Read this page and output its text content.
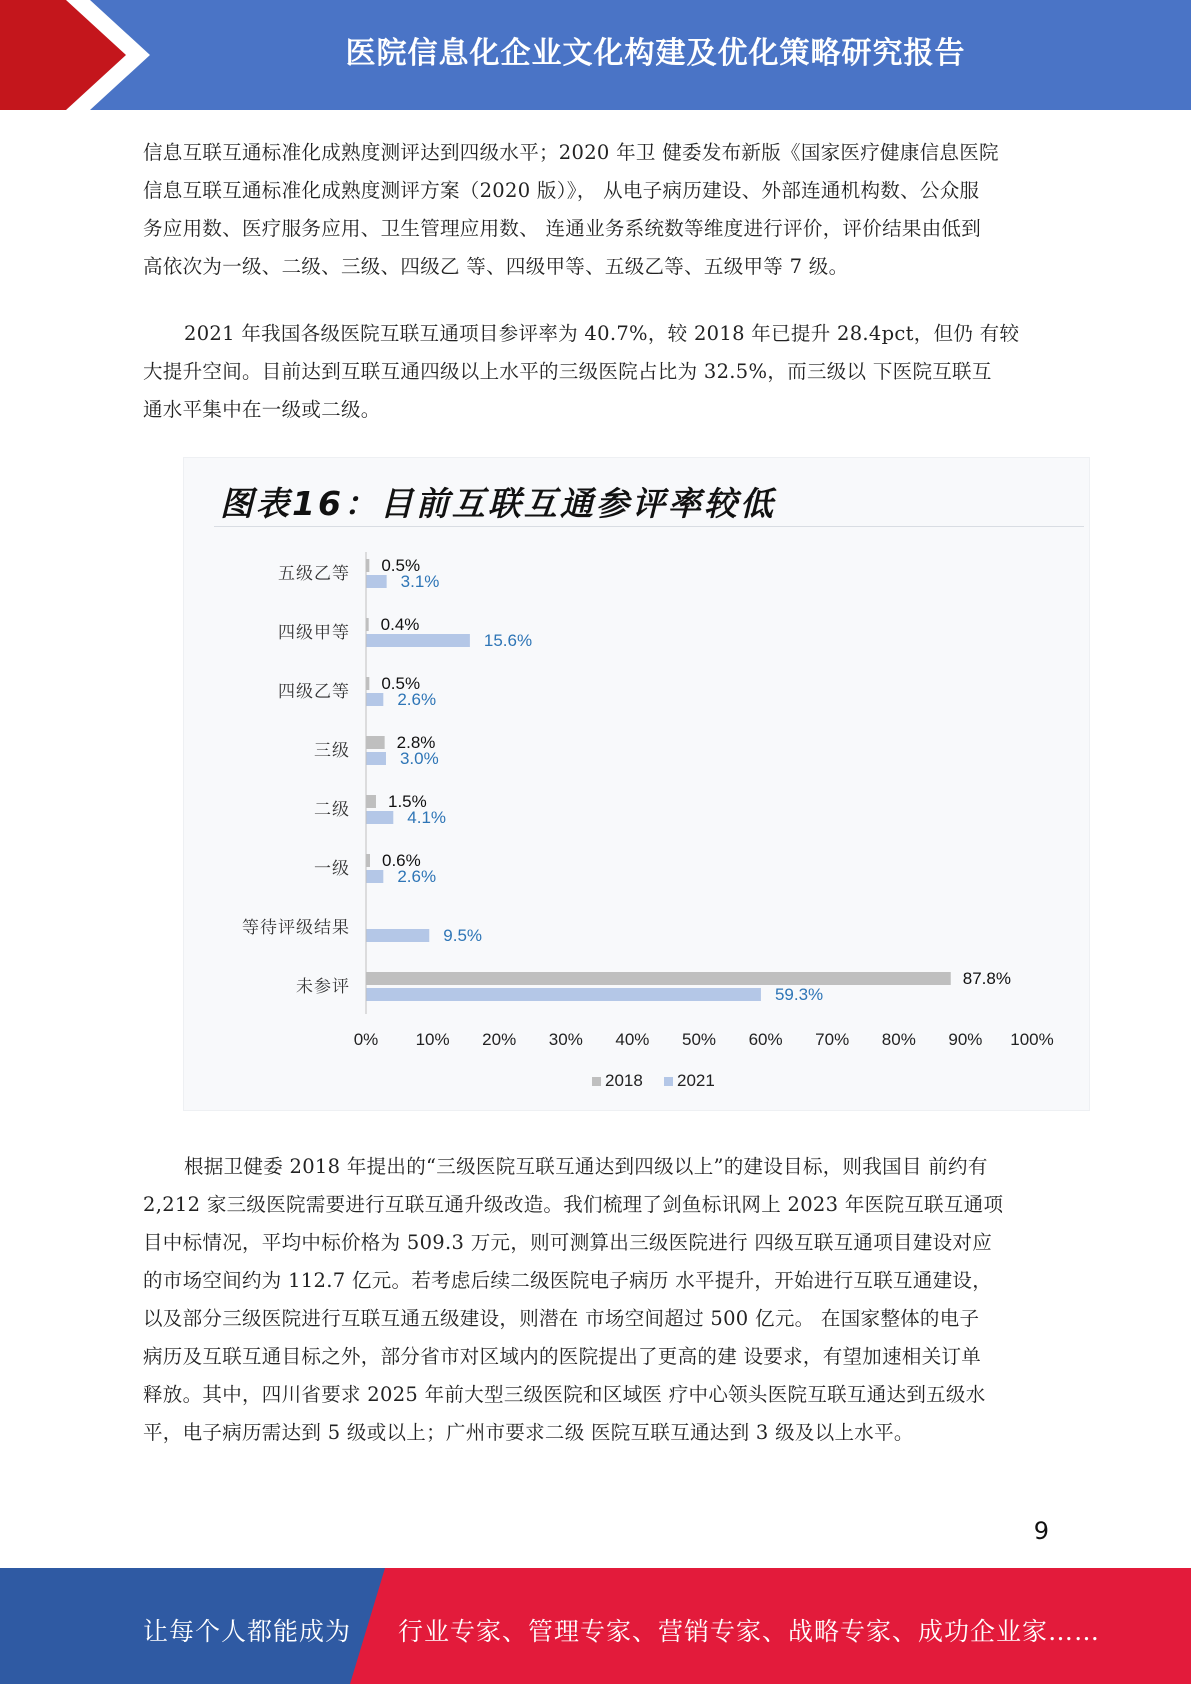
医院信息化企业文化构建及优化策略研究报告
信息互联互通标准化成熟度测评达到四级水平；2020 年卫 健委发布新版《国家医疗健康信息医院
信息互联互通标准化成熟度测评方案（2020 版）》， 从电子病历建设、外部连通机构数、公众服
务应用数、医疗服务应用、卫生管理应用数、 连通业务系统数等维度进行评价，评价结果由低到
高依次为一级、二级、三级、四级乙 等、四级甲等、五级乙等、五级甲等 7 级。
2021 年我国各级医院互联互通项目参评率为 40.7%，较 2018 年已提升 28.4pct，但仍 有较
大提升空间。目前达到互联互通四级以上水平的三级医院占比为 32.5%，而三级以 下医院互联互
通水平集中在一级或二级。
图表16：目前互联互通参评率较低
五级乙等 0.5%
3.1%
四级甲等 0.4%
15.6%
四级乙等 0.5%
2.6%
三级	2.8%
3.0%
二级 1.5%
4.1%
一级 0.6%
2.6%
等待评级结果	9.5%
未参评	87.8%
59.3%
0% 10% 20% 30% 40% 50% 60% 70% 80% 90% 100%
2018 2021
根据卫健委 2018 年提出的“三级医院互联互通达到四级以上”的建设目标，则我国目 前约有
2,212 家三级医院需要进行互联互通升级改造。我们梳理了剑鱼标讯网上 2023 年医院互联互通项
目中标情况，平均中标价格为 509.3 万元，则可测算出三级医院进行 四级互联互通项目建设对应
的市场空间约为 112.7 亿元。若考虑后续二级医院电子病历 水平提升，开始进行互联互通建设，
以及部分三级医院进行互联互通五级建设，则潜在 市场空间超过 500 亿元。 在国家整体的电子
病历及互联互通目标之外，部分省市对区域内的医院提出了更高的建 设要求，有望加速相关订单
释放。其中，四川省要求 2025 年前大型三级医院和区域医 疗中心领头医院互联互通达到五级水
平，电子病历需达到 5 级或以上；广州市要求二级 医院互联互通达到 3 级及以上水平。
9
让每个人都能成为 行业专家、管理专家、营销专家、战略专家、成功企业家……
